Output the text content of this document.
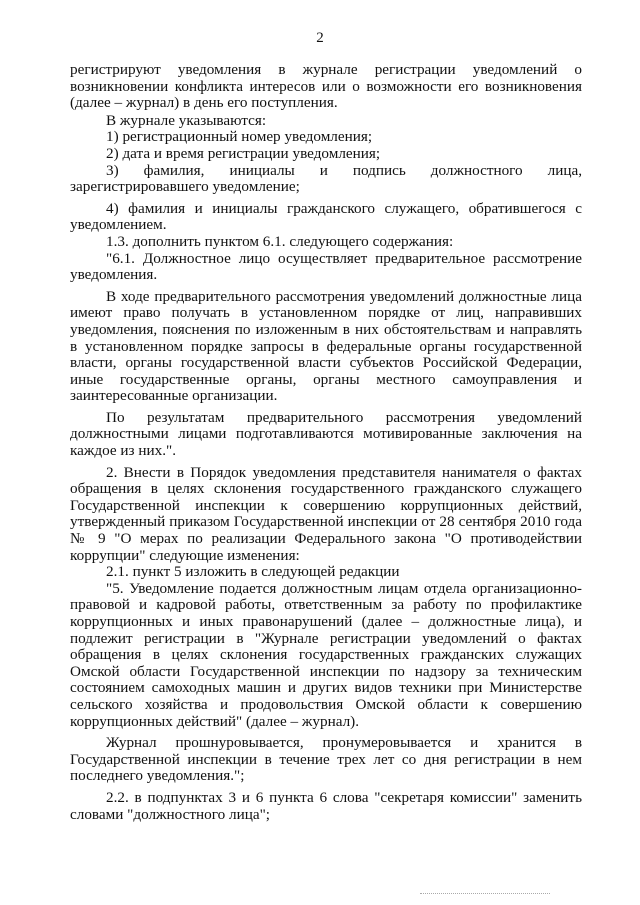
2

регистрируют уведомления в журнале регистрации уведомлений о возникновении конфликта интересов или о возможности его возникновения (далее – журнал) в день его поступления.

В журнале указываются:

1) регистрационный номер уведомления;

2) дата и время регистрации уведомления;

3) фамилия, инициалы и подпись должностного лица, зарегистрировавшего уведомление;

4) фамилия и инициалы гражданского служащего, обратившегося с уведомлением.

1.3. дополнить пунктом 6.1. следующего содержания:

"6.1. Должностное лицо осуществляет предварительное рассмотрение уведомления.

В ходе предварительного рассмотрения уведомлений должностные лица имеют право получать в установленном порядке от лиц, направивших уведомления, пояснения по изложенным в них обстоятельствам и направлять в установленном порядке запросы в федеральные органы государственной власти, органы государственной власти субъектов Российской Федерации, иные государственные органы, органы местного самоуправления и заинтересованные организации.

По результатам предварительного рассмотрения уведомлений должностными лицами подготавливаются мотивированные заключения на каждое из них.".

2. Внести в Порядок уведомления представителя нанимателя о фактах обращения в целях склонения государственного гражданского служащего Государственной инспекции к совершению коррупционных действий, утвержденный приказом Государственной инспекции от 28 сентября 2010 года № 9 "О мерах по реализации Федерального закона "О противодействии коррупции" следующие изменения:

2.1. пункт 5 изложить в следующей редакции

"5. Уведомление подается должностным лицам отдела организационно-правовой и кадровой работы, ответственным за работу по профилактике коррупционных и иных правонарушений (далее – должностные лица), и подлежит регистрации в "Журнале регистрации уведомлений о фактах обращения в целях склонения государственных гражданских служащих Омской области Государственной инспекции по надзору за техническим состоянием самоходных машин и других видов техники при Министерстве сельского хозяйства и продовольствия Омской области к совершению коррупционных действий" (далее – журнал).

Журнал прошнуровывается, пронумеровывается и хранится в Государственной инспекции в течение трех лет со дня регистрации в нем последнего уведомления.";

2.2. в подпунктах 3 и 6 пункта 6 слова "секретаря комиссии" заменить словами "должностного лица";
